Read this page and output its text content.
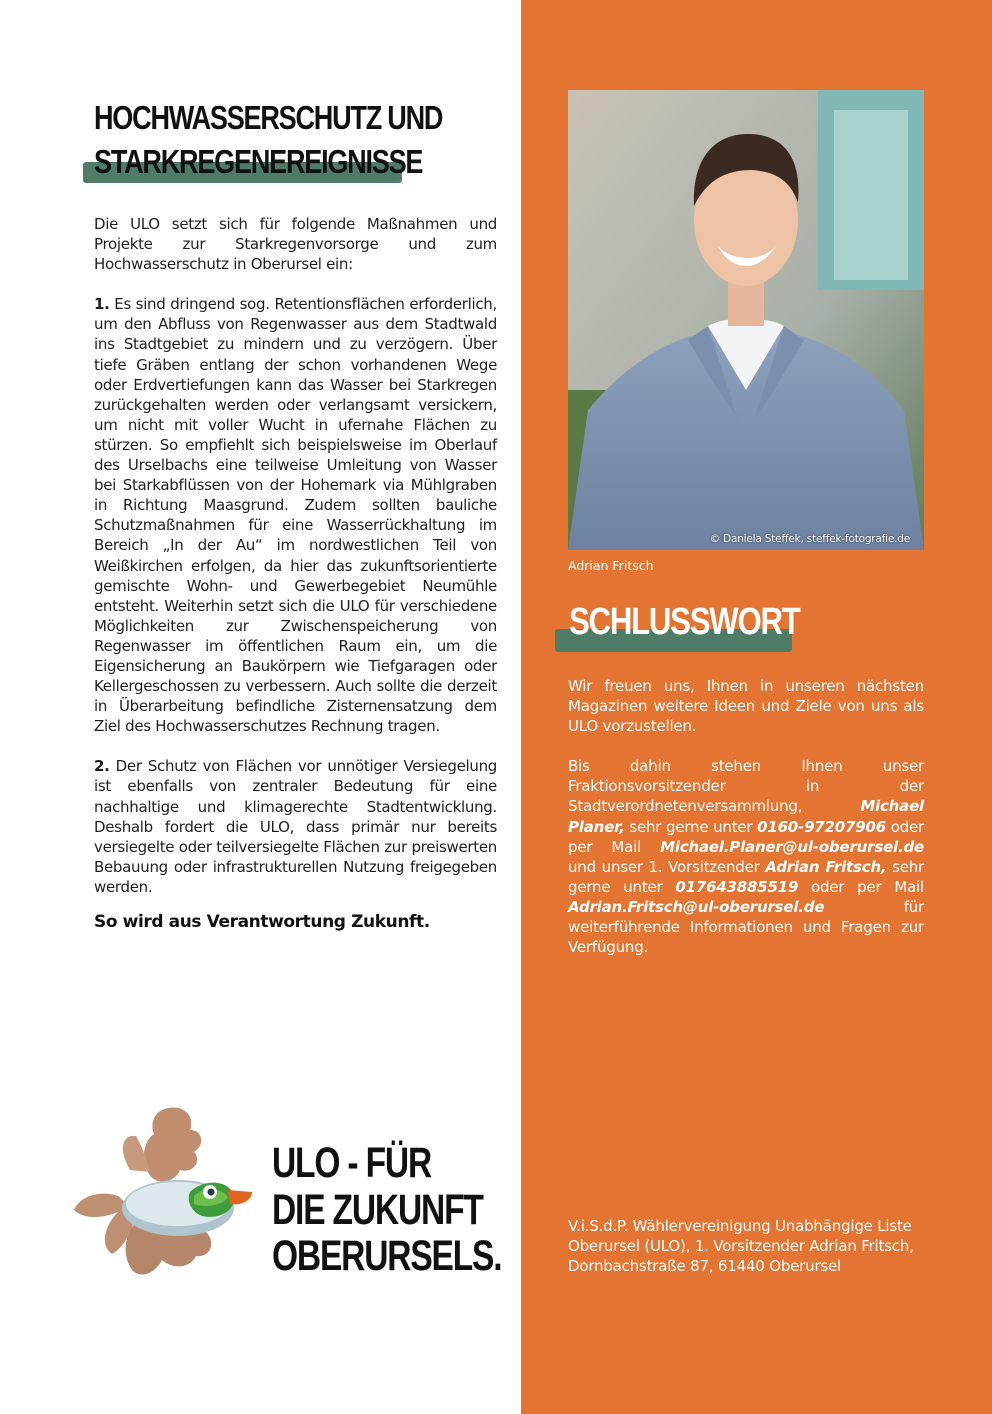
HOCHWASSERSCHUTZ UND
STARKREGENEREIGNISSE

Die ULO setzt sich für folgende Maßnahmen und Projekte zur Starkregenvorsorge und zum Hochwasserschutz in Oberursel ein:

1. Es sind dringend sog. Retentionsflächen erforderlich, um den Abfluss von Regenwasser aus dem Stadtwald ins Stadtgebiet zu mindern und zu verzögern. Über tiefe Gräben entlang der schon vorhandenen Wege oder Erdvertiefungen kann das Wasser bei Starkregen zurückgehalten werden oder verlangsamt versickern, um nicht mit voller Wucht in ufernahe Flächen zu stürzen. So empfiehlt sich beispielsweise im Oberlauf des Urselbachs eine teilweise Umleitung von Wasser bei Starkabflüssen von der Hohemark via Mühlgraben in Richtung Maasgrund. Zudem sollten bauliche Schutzmaßnahmen für eine Wasserrückhaltung im Bereich „In der Au“ im nordwestlichen Teil von Weißkirchen erfolgen, da hier das zukunftsorientierte gemischte Wohn- und Gewerbegebiet Neumühle entsteht. Weiterhin setzt sich die ULO für verschiedene Möglichkeiten zur Zwischenspeicherung von Regenwasser im öffentlichen Raum ein, um die Eigensicherung an Baukörpern wie Tiefgaragen oder Kellergeschossen zu verbessern. Auch sollte die derzeit in Überarbeitung befindliche Zisternensatzung dem Ziel des Hochwasserschutzes Rechnung tragen.

2. Der Schutz von Flächen vor unnötiger Versiegelung ist ebenfalls von zentraler Bedeutung für eine nachhaltige und klimagerechte Stadtentwicklung. Deshalb fordert die ULO, dass primär nur bereits versiegelte oder teilversiegelte Flächen zur preiswerten Bebauung oder infrastrukturellen Nutzung freigegeben werden.

So wird aus Verantwortung Zukunft.
ULO - FÜR
DIE ZUKUNFT
OBERURSELS.
© Daniela Steffek, steffek-fotografie.de
Adrian Fritsch
SCHLUSSWORT

Wir freuen uns, Ihnen in unseren nächsten Magazinen weitere Ideen und Ziele von uns als ULO vorzustellen.

Bis dahin stehen Ihnen unser Fraktionsvorsitzender in der Stadtverordnetenversammlung, Michael Planer, sehr gerne unter 0160-97207906 oder per Mail Michael.Planer@ul-oberursel.de und unser 1. Vorsitzender Adrian Fritsch, sehr gerne unter 017643885519 oder per Mail Adrian.Fritsch@ul-oberursel.de für weiterführende Informationen und Fragen zur Verfügung.

V.i.S.d.P. Wählervereinigung Unabhängige Liste Oberursel (ULO), 1. Vorsitzender Adrian Fritsch, Dornbachstraße 87, 61440 Oberursel
